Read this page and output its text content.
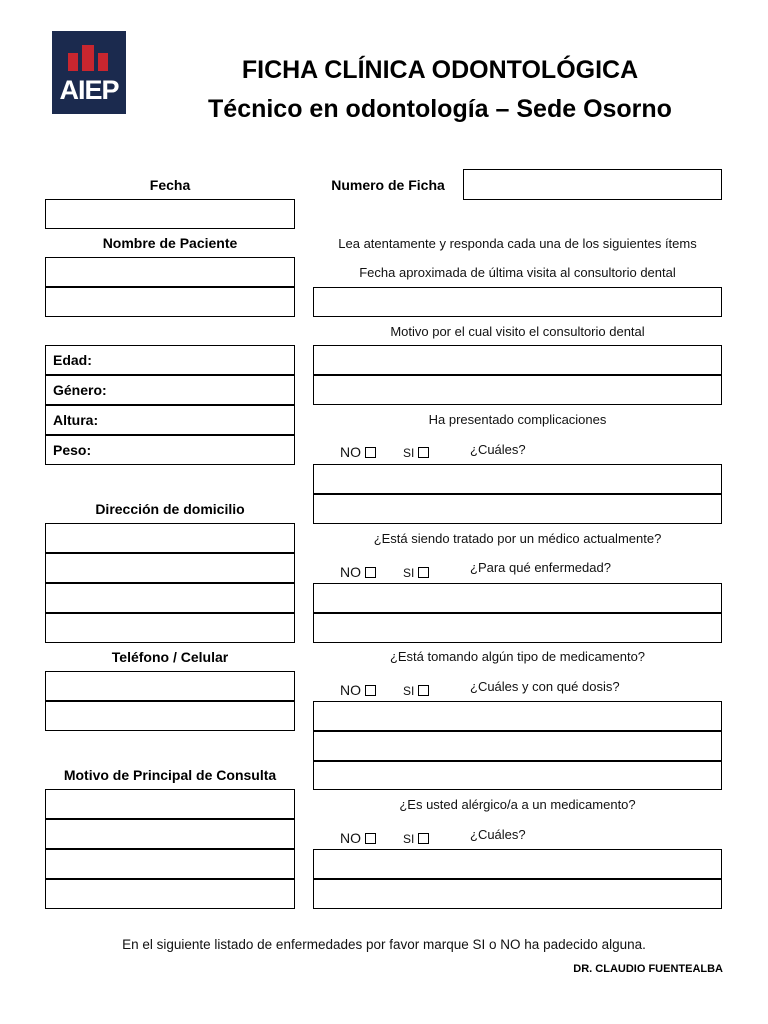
AIEP
FICHA CLÍNICA ODONTOLÓGICA
Técnico en odontología – Sede Osorno
Fecha
Nombre de Paciente
Edad:
Género:
Altura:
Peso:
Dirección de domicilio
Teléfono / Celular
Motivo de Principal de Consulta
Numero de Ficha
Lea atentamente y responda cada una de los siguientes ítems
Fecha aproximada de última visita al consultorio dental
Motivo por el cual visito el consultorio dental
Ha presentado complicaciones
NO	SI	¿Cuáles?
¿Está siendo tratado por un médico actualmente?
NO	SI	¿Para qué enfermedad?
¿Está tomando algún tipo de medicamento?
NO	SI	¿Cuáles y con qué dosis?
¿Es usted alérgico/a a un medicamento?
NO	SI	¿Cuáles?
En el siguiente listado de enfermedades por favor marque SI o NO ha padecido alguna.
DR. CLAUDIO FUENTEALBA
